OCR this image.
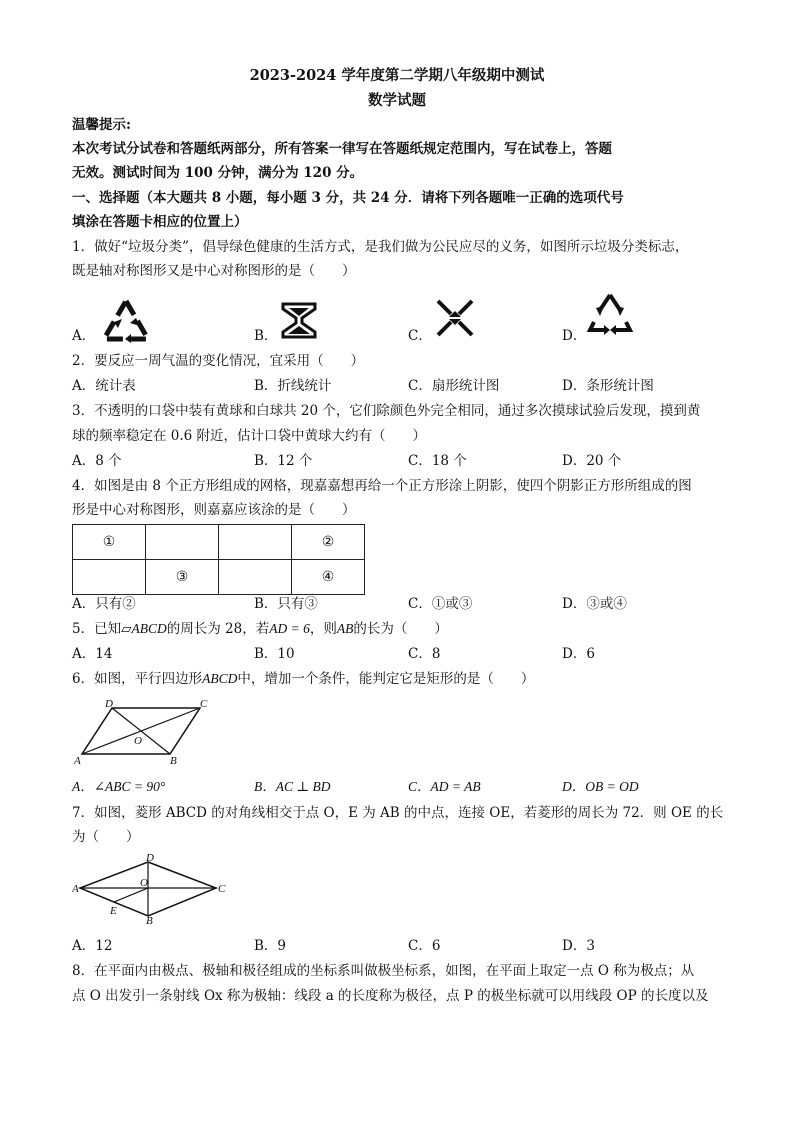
2023-2024 学年度第二学期八年级期中测试
数学试题
温馨提示:
本次考试分试卷和答题纸两部分，所有答案一律写在答题纸规定范围内，写在试卷上，答题
无效。测试时间为 100 分钟，满分为 120 分。
一、选择题（本大题共 8 小题，每小题 3 分，共 24 分．请将下列各题唯一正确的选项代号
填涂在答题卡相应的位置上）
1．做好“垃圾分类”，倡导绿色健康的生活方式，是我们做为公民应尽的义务，如图所示垃圾分类标志，
既是轴对称图形又是中心对称图形的是（　　）
A．	B．	C．	D．
2．要反应一周气温的变化情况，宜采用（　　）
A．统计表	B．折线统计	C．扇形统计图	D．条形统计图
3．不透明的口袋中装有黄球和白球共 20 个，它们除颜色外完全相同，通过多次摸球试验后发现，摸到黄
球的频率稳定在 0.6 附近，估计口袋中黄球大约有（　　）
A．8 个	B．12 个	C．18 个	D．20 个
4．如图是由 8 个正方形组成的网格，现嘉嘉想再给一个正方形涂上阴影，使四个阴影正方形所组成的图
形是中心对称图形，则嘉嘉应该涂的是（　　）
①			②
	③		④
A．只有②	B．只有③	C．①或③	D．③或④
5．已知▱ABCD的周长为 28，若AD = 6，则AB的长为（　　）
A．14	B．10	C．8	D．6
6．如图，平行四边形ABCD中，增加一个条件，能判定它是矩形的是（　　）
D	C
O
A	B
A．∠ABC = 90°	B．AC ⊥ BD	C．AD = AB	D．OB = OD
7．如图，菱形 ABCD 的对角线相交于点 O，E 为 AB 的中点，连接 OE，若菱形的周长为 72．则 OE 的长
为（　　）
D
A	O	C
E
B
A．12	B．9	C．6	D．3
8．在平面内由极点、极轴和极径组成的坐标系叫做极坐标系，如图，在平面上取定一点 O 称为极点；从
点 O 出发引一条射线 Ox 称为极轴：线段 a 的长度称为极径，点 P 的极坐标就可以用线段 OP 的长度以及
